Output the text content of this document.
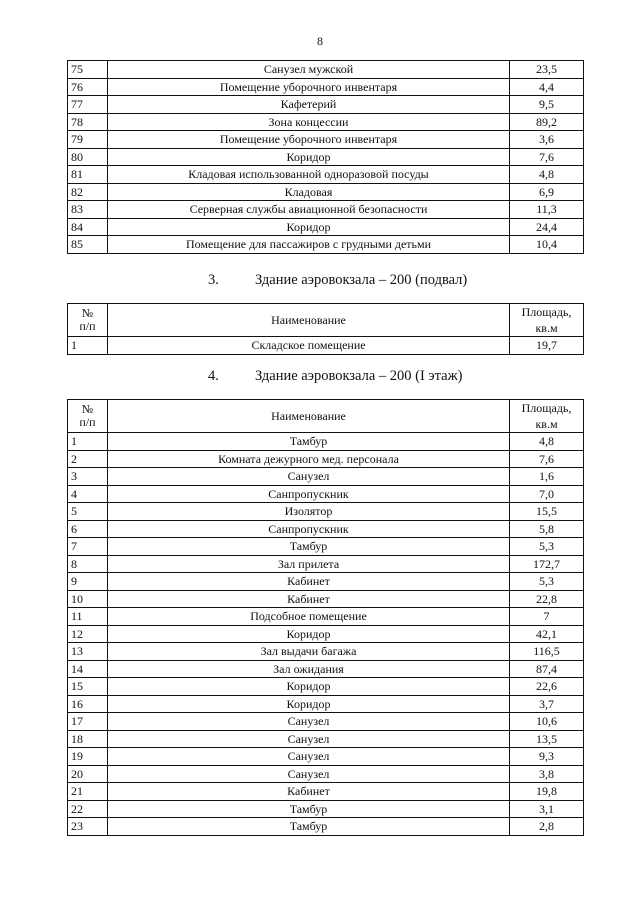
8
75	Санузел мужской	23,5
76	Помещение уборочного инвентаря	4,4
77	Кафетерий	9,5
78	Зона концессии	89,2
79	Помещение уборочного инвентаря	3,6
80	Коридор	7,6
81	Кладовая использованной одноразовой посуды	4,8
82	Кладовая	6,9
83	Серверная службы авиационной безопасности	11,3
84	Коридор	24,4
85	Помещение для пассажиров с грудными детьми	10,4
3. Здание аэровокзала – 200 (подвал)
№
п/п	Наименование	Площадь, кв.м
1	Складское помещение	19,7
4. Здание аэровокзала – 200 (I этаж)
№
п/п	Наименование	Площадь, кв.м
1	Тамбур	4,8
2	Комната дежурного мед. персонала	7,6
3	Санузел	1,6
4	Санпропускник	7,0
5	Изолятор	15,5
6	Санпропускник	5,8
7	Тамбур	5,3
8	Зал прилета	172,7
9	Кабинет	5,3
10	Кабинет	22,8
11	Подсобное помещение	7
12	Коридор	42,1
13	Зал выдачи багажа	116,5
14	Зал ожидания	87,4
15	Коридор	22,6
16	Коридор	3,7
17	Санузел	10,6
18	Санузел	13,5
19	Санузел	9,3
20	Санузел	3,8
21	Кабинет	19,8
22	Тамбур	3,1
23	Тамбур	2,8
